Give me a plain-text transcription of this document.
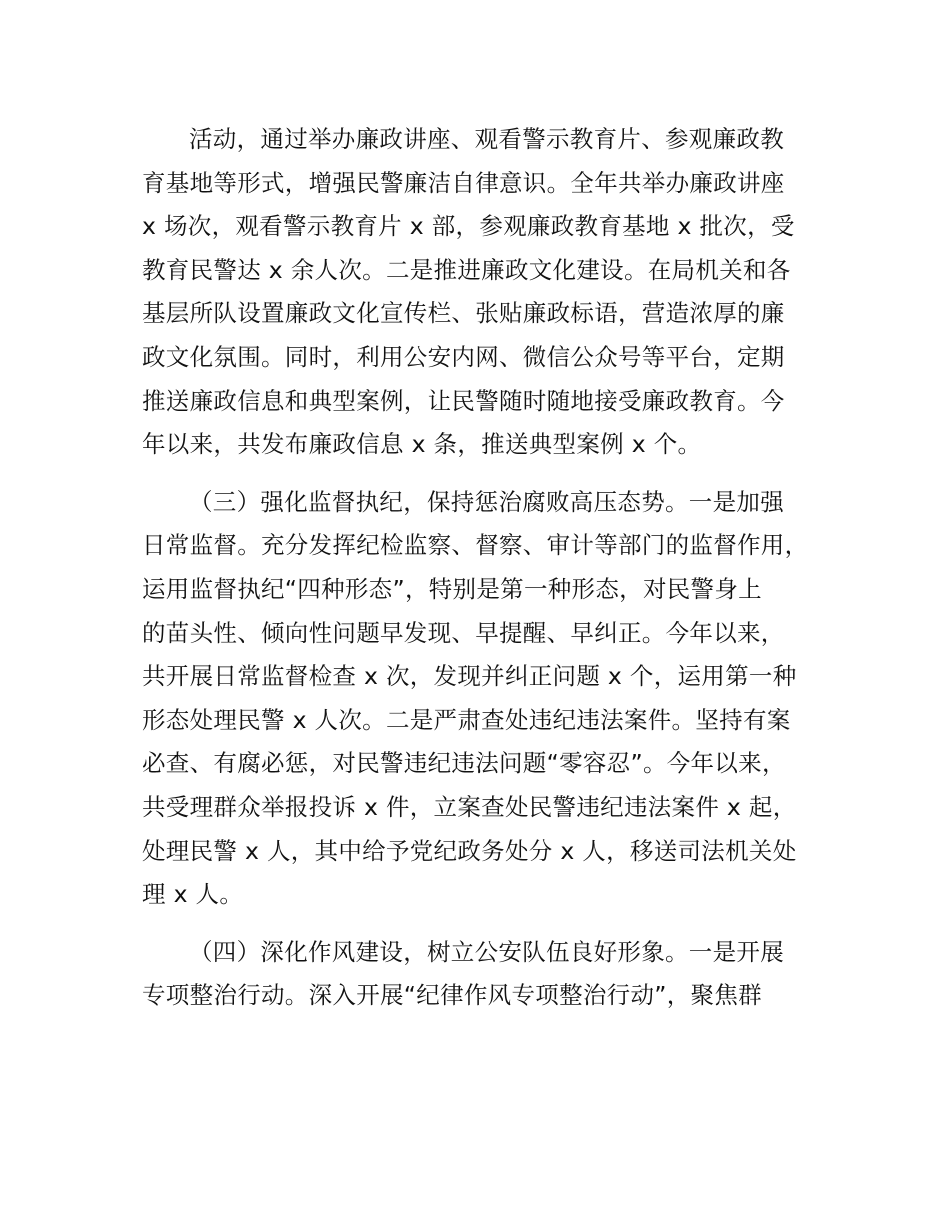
活动，通过举办廉政讲座、观看警示教育片、参观廉政教
育基地等形式，增强民警廉洁自律意识。全年共举办廉政讲座
x 场次，观看警示教育片 x 部，参观廉政教育基地 x 批次，受
教育民警达 x 余人次。二是推进廉政文化建设。在局机关和各
基层所队设置廉政文化宣传栏、张贴廉政标语，营造浓厚的廉
政文化氛围。同时，利用公安内网、微信公众号等平台，定期
推送廉政信息和典型案例，让民警随时随地接受廉政教育。今
年以来，共发布廉政信息 x 条，推送典型案例 x 个。

（三）强化监督执纪，保持惩治腐败高压态势。一是加强
日常监督。充分发挥纪检监察、督察、审计等部门的监督作用，
运用监督执纪“四种形态”，特别是第一种形态，对民警身上
的苗头性、倾向性问题早发现、早提醒、早纠正。今年以来，
共开展日常监督检查 x 次，发现并纠正问题 x 个，运用第一种
形态处理民警 x 人次。二是严肃查处违纪违法案件。坚持有案
必查、有腐必惩，对民警违纪违法问题“零容忍”。今年以来，
共受理群众举报投诉 x 件，立案查处民警违纪违法案件 x 起，
处理民警 x 人，其中给予党纪政务处分 x 人，移送司法机关处
理 x 人。

（四）深化作风建设，树立公安队伍良好形象。一是开展
专项整治行动。深入开展“纪律作风专项整治行动”，聚焦群
